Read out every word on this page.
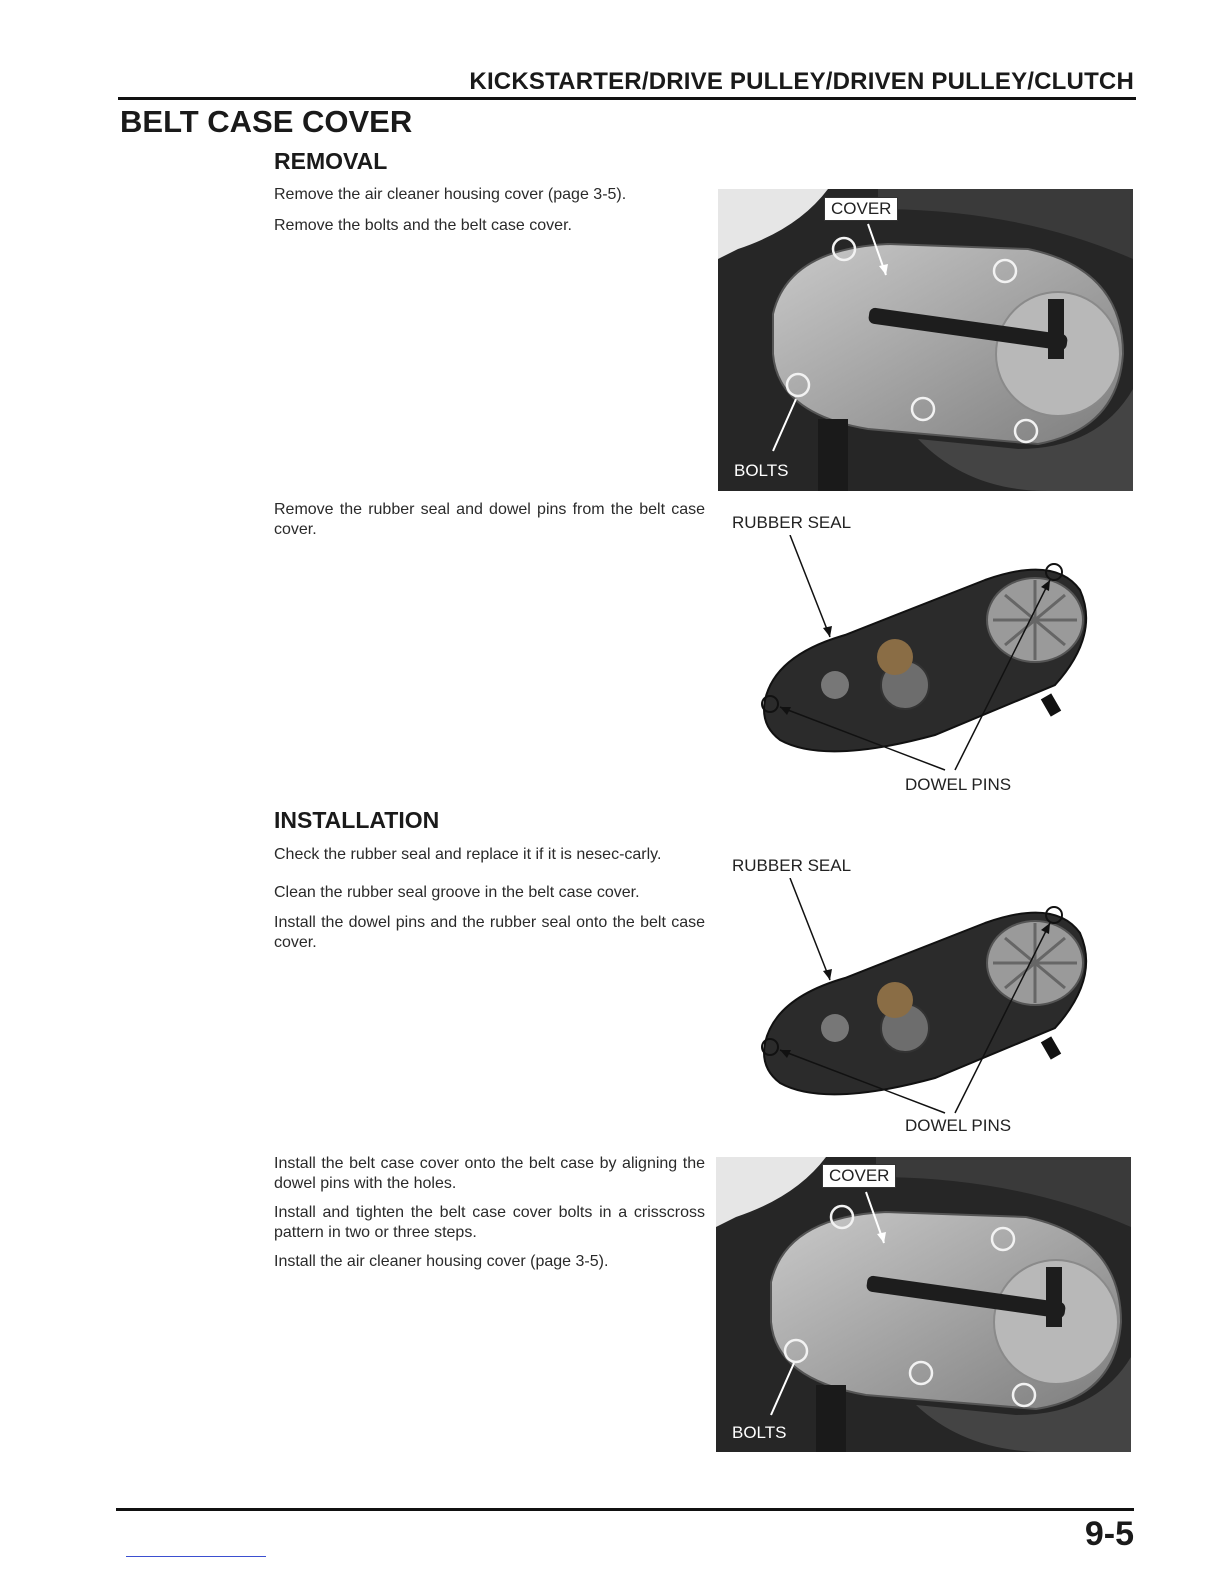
KICKSTARTER/DRIVE PULLEY/DRIVEN PULLEY/CLUTCH
BELT CASE COVER
REMOVAL
Remove the air cleaner housing cover (page 3-5).
Remove the bolts and the belt case cover.
Remove the rubber seal and dowel pins from the belt case cover.
COVER
BOLTS
RUBBER SEAL
DOWEL PINS
INSTALLATION
Check the rubber seal and replace it if it is nesec-carly.
Clean the rubber seal groove in the belt case cover.
Install the dowel pins and the rubber seal onto the belt case cover.
Install the belt case cover onto the belt case by aligning the dowel pins with the holes.
Install and tighten the belt case cover bolts in a crisscross pattern in two or three steps.
Install the air cleaner housing cover (page 3-5).
RUBBER SEAL
DOWEL PINS
COVER
BOLTS
9-5
